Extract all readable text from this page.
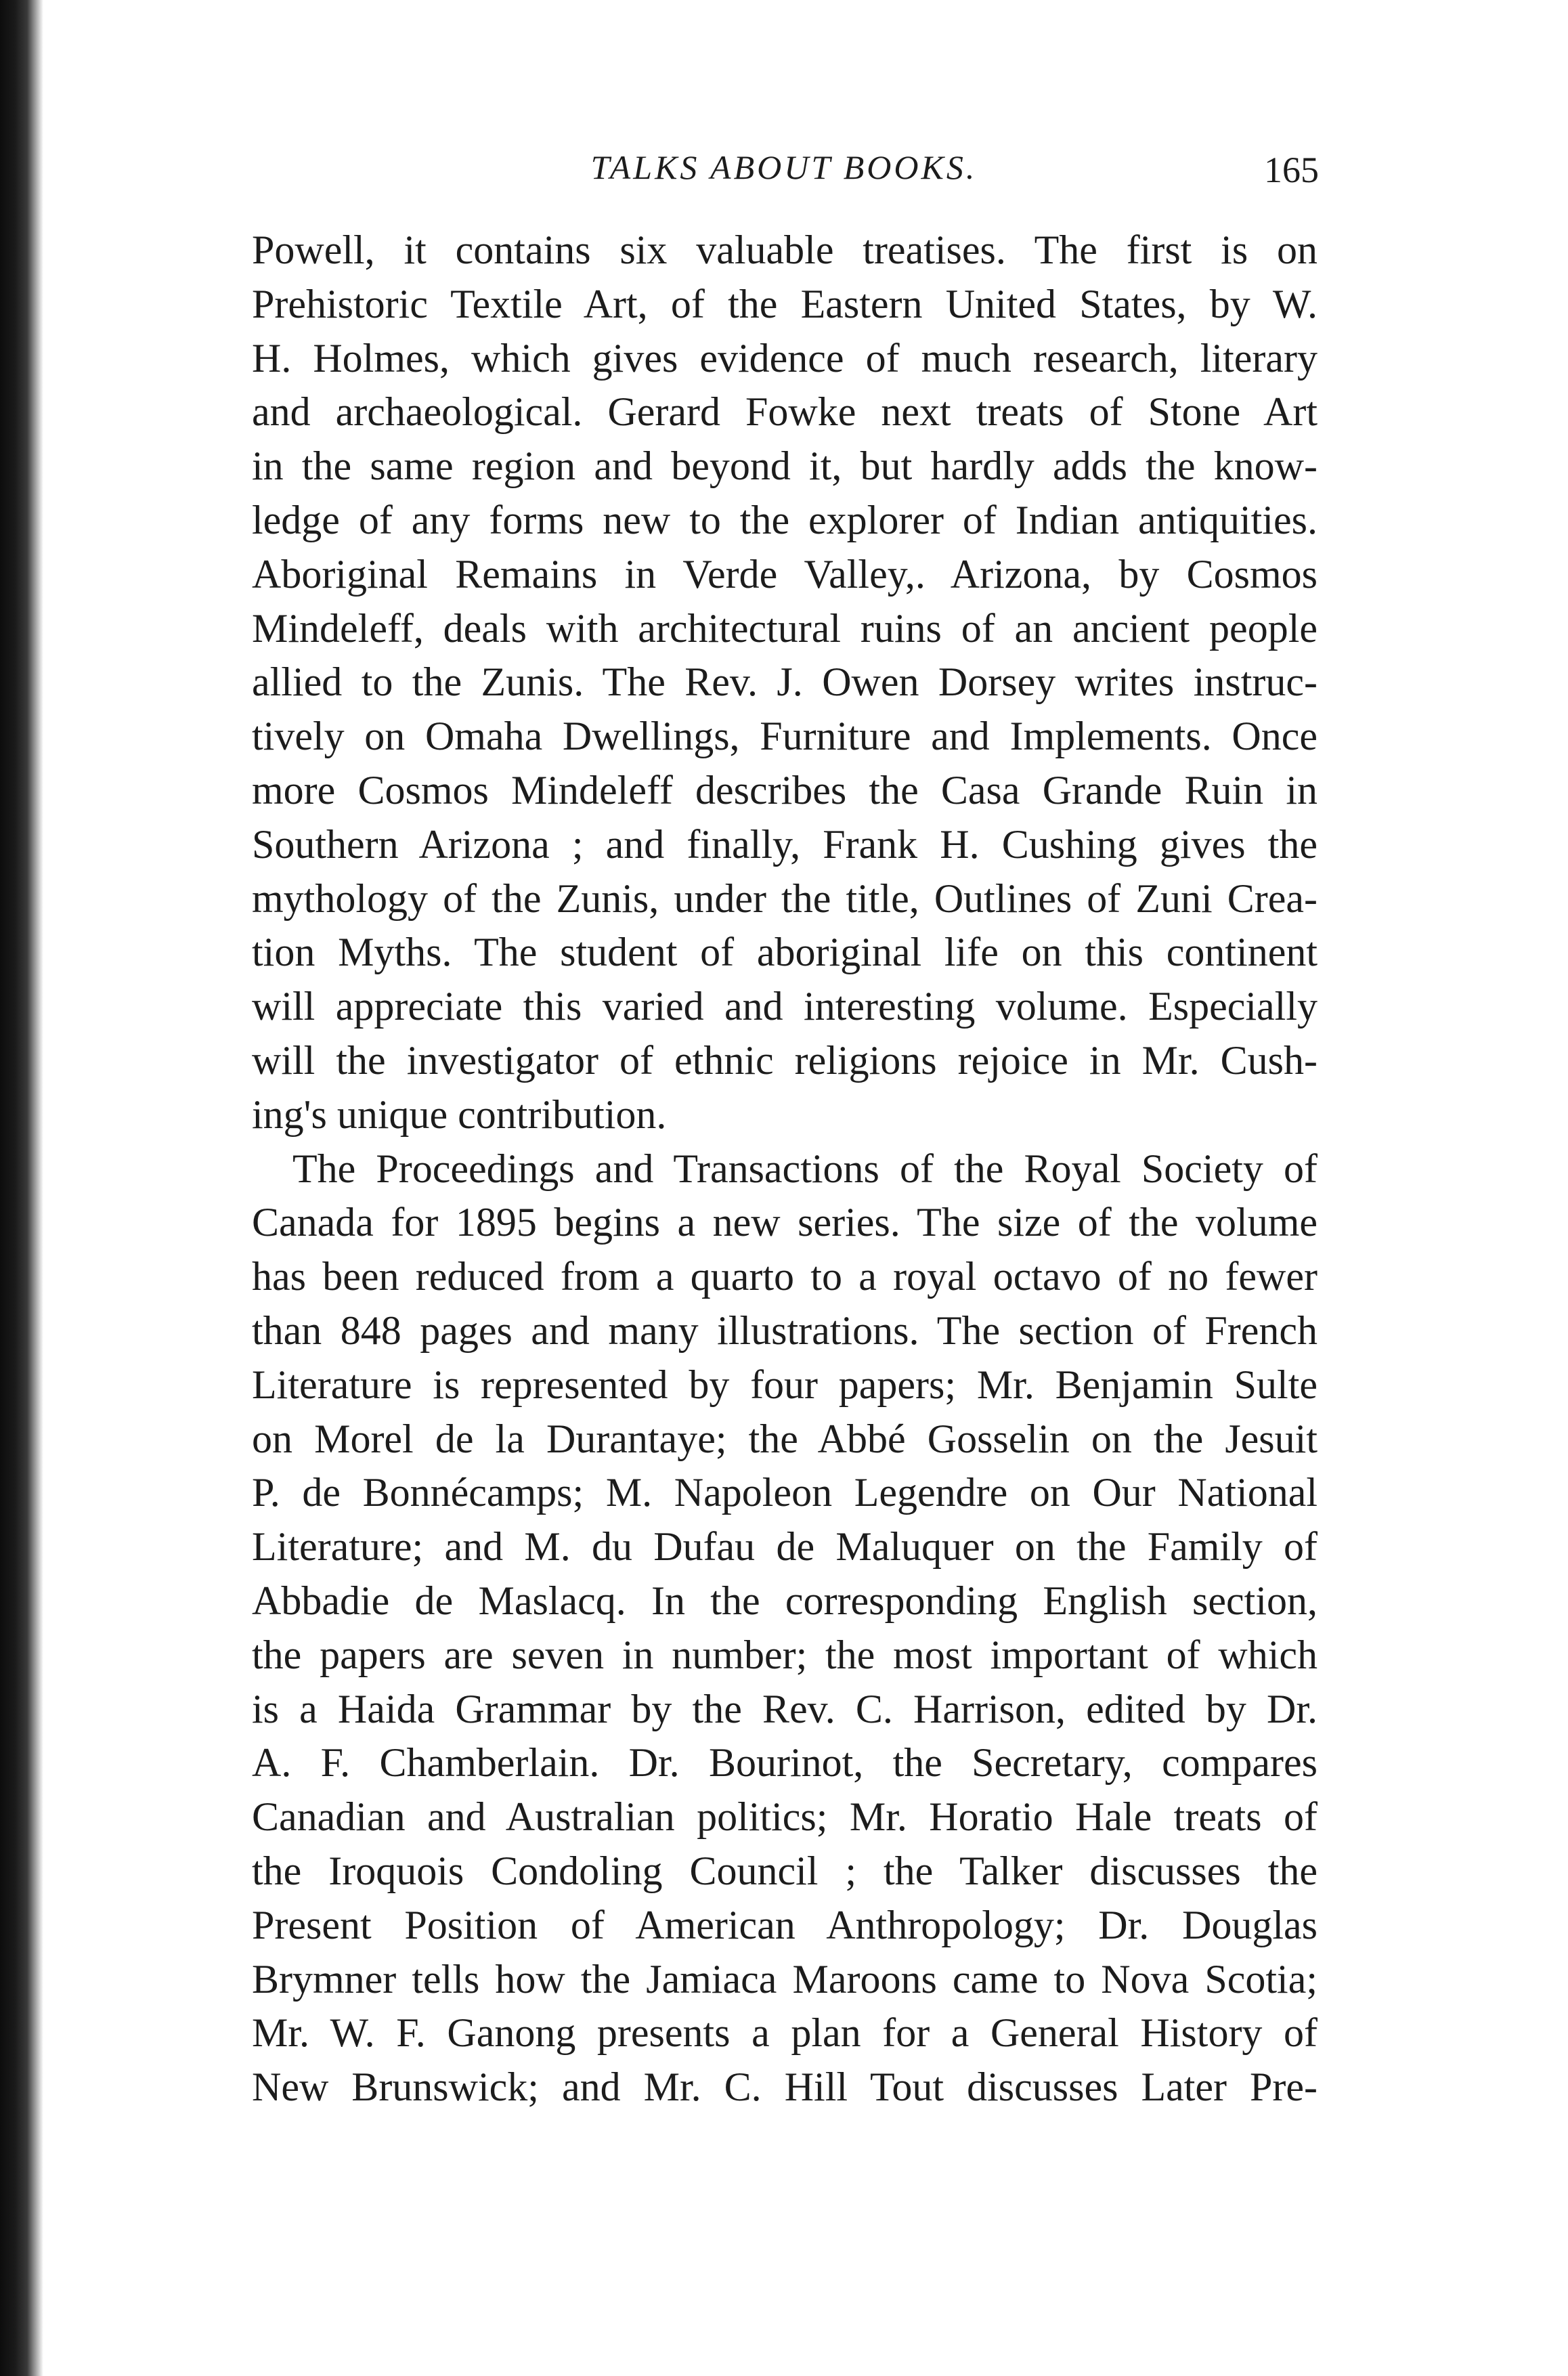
TALKS ABOUT BOOKS.	165
Powell, it contains six valuable treatises. The first is on
Prehistoric Textile Art, of the Eastern United States, by W.
H. Holmes, which gives evidence of much research, literary
and archaeological. Gerard Fowke next treats of Stone Art
in the same region and beyond it, but hardly adds the know-
ledge of any forms new to the explorer of Indian antiquities.
Aboriginal Remains in Verde Valley,. Arizona, by Cosmos
Mindeleff, deals with architectural ruins of an ancient people
allied to the Zunis. The Rev. J. Owen Dorsey writes instruc-
tively on Omaha Dwellings, Furniture and Implements. Once
more Cosmos Mindeleff describes the Casa Grande Ruin in
Southern Arizona ; and finally, Frank H. Cushing gives the
mythology of the Zunis, under the title, Outlines of Zuni Crea-
tion Myths. The student of aboriginal life on this continent
will appreciate this varied and interesting volume. Especially
will the investigator of ethnic religions rejoice in Mr. Cush-
ing's unique contribution.
The Proceedings and Transactions of the Royal Society of
Canada for 1895 begins a new series. The size of the volume
has been reduced from a quarto to a royal octavo of no fewer
than 848 pages and many illustrations. The section of French
Literature is represented by four papers; Mr. Benjamin Sulte
on Morel de la Durantaye; the Abbé Gosselin on the Jesuit
P. de Bonnécamps; M. Napoleon Legendre on Our National
Literature; and M. du Dufau de Maluquer on the Family of
Abbadie de Maslacq. In the corresponding English section,
the papers are seven in number; the most important of which
is a Haida Grammar by the Rev. C. Harrison, edited by Dr.
A. F. Chamberlain. Dr. Bourinot, the Secretary, compares
Canadian and Australian politics; Mr. Horatio Hale treats of
the Iroquois Condoling Council ; the Talker discusses the
Present Position of American Anthropology; Dr. Douglas
Brymner tells how the Jamiaca Maroons came to Nova Scotia;
Mr. W. F. Ganong presents a plan for a General History of
New Brunswick; and Mr. C. Hill Tout discusses Later Pre-
